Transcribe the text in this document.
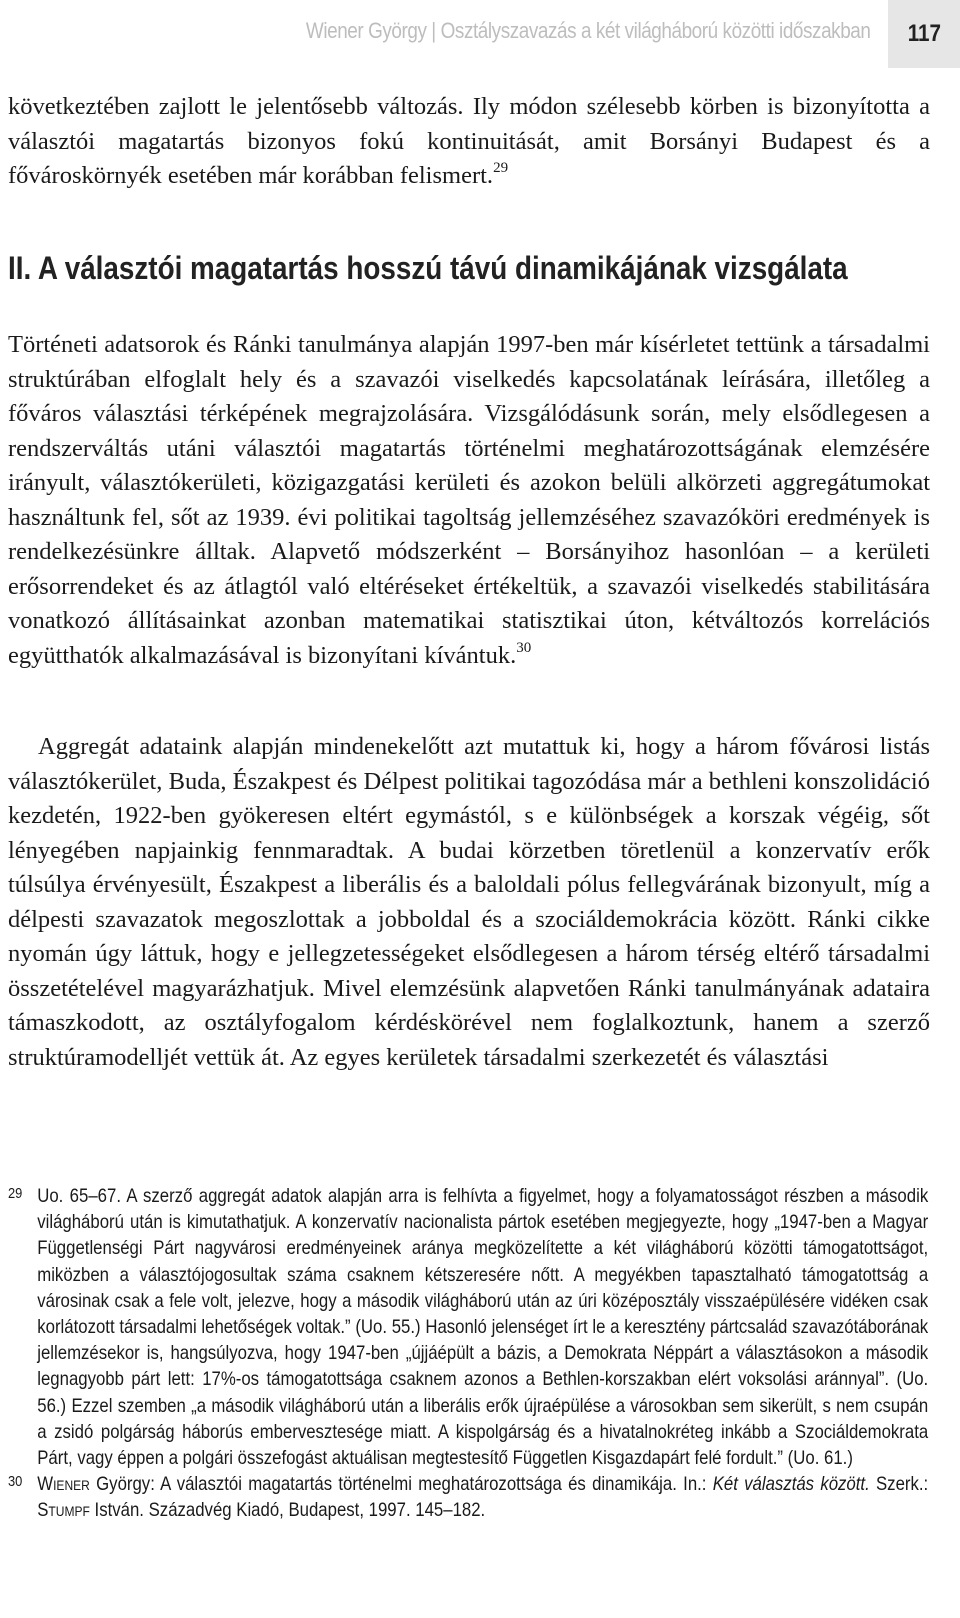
Wiener György | Osztályszavazás a két világháború közötti időszakban 117

következtében zajlott le jelentősebb változás. Ily módon szélesebb körben is bizonyította a választói magatartás bizonyos fokú kontinuitását, amit Borsányi Budapest és a fővároskörnyék esetében már korábban felismert.$^{29}$

II. A választói magatartás hosszú távú dinamikájának vizsgálata

Történeti adatsorok és Ránki tanulmánya alapján 1997-ben már kísérletet tettünk a társadalmi struktúrában elfoglalt hely és a szavazói viselkedés kapcsolatának leírására, illetőleg a főváros választási térképének megrajzolására. Vizsgálódásunk során, mely elsődlegesen a rendszerváltás utáni választói magatartás történelmi meghatározottságának elemzésére irányult, választókerületi, közigazgatási kerületi és azokon belüli alkörzeti aggregátumokat használtunk fel, sőt az 1939. évi politikai tagoltság jellemzéséhez szavazóköri eredmények is rendelkezésünkre álltak. Alapvető módszerként – Borsányihoz hasonlóan – a kerületi erősorrendeket és az átlagtól való eltéréseket értékeltük, a szavazói viselkedés stabilitására vonatkozó állításainkat azonban matematikai statisztikai úton, kétváltozós korrelációs együtthatók alkalmazásával is bizonyítani kívántuk.$^{30}$

Aggregát adataink alapján mindenekelőtt azt mutattuk ki, hogy a három fővárosi listás választókerület, Buda, Északpest és Délpest politikai tagozódása már a bethleni konszolidáció kezdetén, 1922-ben gyökeresen eltért egymástól, s e különbségek a korszak végéig, sőt lényegében napjainkig fennmaradtak. A budai körzetben töretlenül a konzervatív erők túlsúlya érvényesült, Északpest a liberális és a baloldali pólus fellegvárának bizonyult, míg a délpesti szavazatok megoszlottak a jobboldal és a szociáldemokrácia között. Ránki cikke nyomán úgy láttuk, hogy e jellegzetességeket elsődlegesen a három térség eltérő társadalmi összetételével magyarázhatjuk. Mivel elemzésünk alapvetően Ránki tanulmányának adataira támaszkodott, az osztályfogalom kérdéskörével nem foglalkoztunk, hanem a szerző struktúramodelljét vettük át. Az egyes kerületek társadalmi szerkezetét és választási

29 Uo. 65–67. A szerző aggregát adatok alapján arra is felhívta a figyelmet, hogy a folyamatosságot részben a második világháború után is kimutathatjuk. A konzervatív nacionalista pártok esetében megjegyezte, hogy „1947-ben a Magyar Függetlenségi Párt nagyvárosi eredményeinek aránya megközelítette a két világháború közötti támogatottságot, miközben a választójogosultak száma csaknem kétszeresére nőtt. A megyékben tapasztalható támogatottság a városinak csak a fele volt, jelezve, hogy a második világháború után az úri középosztály visszaépülésére vidéken csak korlátozott társadalmi lehetőségek voltak.” (Uo. 55.) Hasonló jelenséget írt le a keresztény pártcsalád szavazótáborának jellemzésekor is, hangsúlyozva, hogy 1947-ben „újjáépült a bázis, a Demokrata Néppárt a választásokon a második legnagyobb párt lett: 17%-os támogatottsága csaknem azonos a Bethlen-korszakban elért voksolási aránnyal”. (Uo. 56.) Ezzel szemben „a második világháború után a liberális erők újraépülése a városokban sem sikerült, s nem csupán a zsidó polgárság háborús embervesztesége miatt. A kispolgárság és a hivatalnokréteg inkább a Szociáldemokrata Párt, vagy éppen a polgári összefogást aktuálisan megtestesítő Független Kisgazdapárt felé fordult.” (Uo. 61.)
30 Wiener György: A választói magatartás történelmi meghatározottsága és dinamikája. In.: Két választás között. Szerk.: Stumpf István. Századvég Kiadó, Budapest, 1997. 145–182.
